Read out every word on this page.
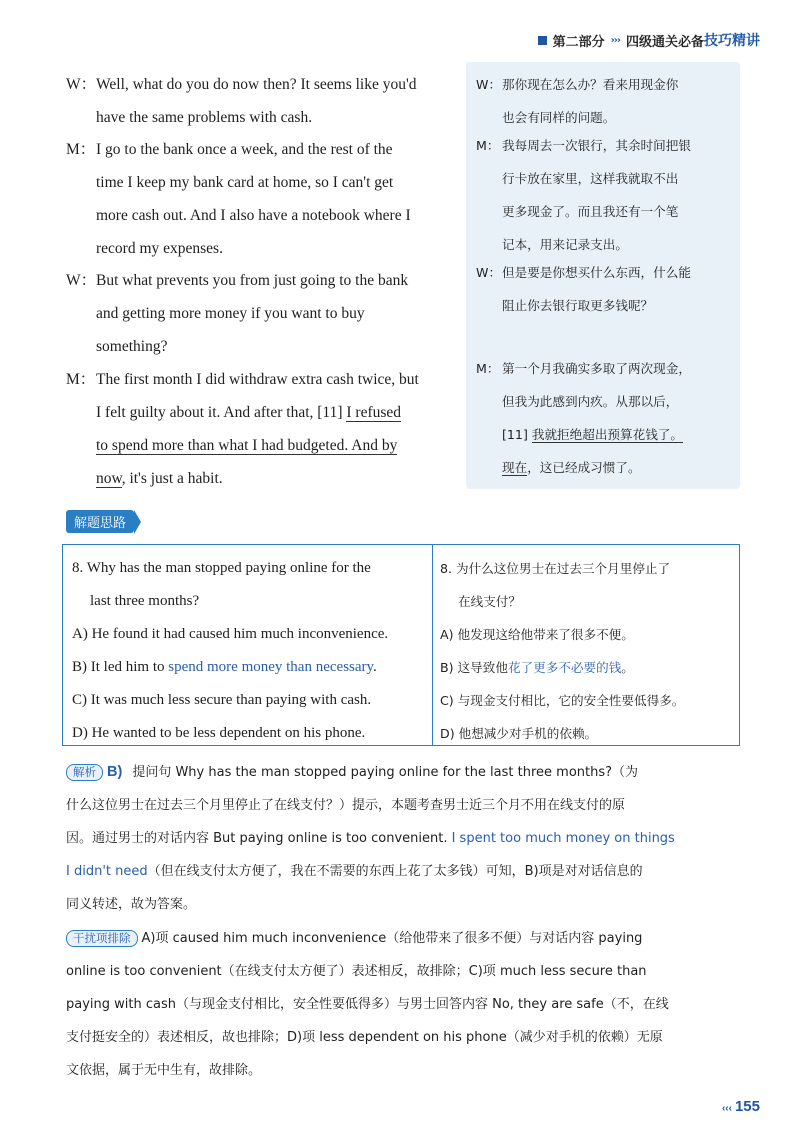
第二部分 ››› 四级通关必备 技巧精讲

W：Well, what do you do now then? It seems like you'd

have the same problems with cash.

M：I go to the bank once a week, and the rest of the

time I keep my bank card at home, so I can't get

more cash out. And I also have a notebook where I

record my expenses.

W：But what prevents you from just going to the bank

and getting more money if you want to buy

something?

M：The first month I did withdraw extra cash twice, but

I felt guilty about it. And after that, [11] I refused

to spend more than what I had budgeted. And by

now, it's just a habit.

W：那你现在怎么办？看来用现金你
也会有同样的问题。
M： 我每周去一次银行，其余时间把银
行卡放在家里，这样我就取不出
更多现金了。而且我还有一个笔
记本，用来记录支出。
W：但是要是你想买什么东西，什么能
阻止你去银行取更多钱呢？
M： 第一个月我确实多取了两次现金，
但我为此感到内疚。从那以后，
[11] 我就拒绝超出预算花钱了。
现在，这已经成习惯了。
解题思路

8. Why has the man stopped paying online for the

last three months?

A) He found it had caused him much inconvenience.

B) It led him to spend more money than necessary.

C) It was much less secure than paying with cash.

D) He wanted to be less dependent on his phone.

8. 为什么这位男士在过去三个月里停止了

在线支付？

A) 他发现这给他带来了很多不便。

B) 这导致他花了更多不必要的钱。

C) 与现金支付相比，它的安全性要低得多。

D) 他想减少对手机的依赖。

解析 B) 提问句 Why has the man stopped paying online for the last three months?（为

什么这位男士在过去三个月里停止了在线支付？）提示，本题考查男士近三个月不用在线支付的原

因。通过男士的对话内容 But paying online is too convenient. I spent too much money on things

I didn't need（但在线支付太方便了，我在不需要的东西上花了太多钱）可知，B)项是对对话信息的

同义转述，故为答案。

干扰项排除 A)项 caused him much inconvenience（给他带来了很多不便）与对话内容 paying

online is too convenient（在线支付太方便了）表述相反，故排除；C)项 much less secure than

paying with cash（与现金支付相比，安全性要低得多）与男士回答内容 No, they are safe（不，在线

支付挺安全的）表述相反，故也排除；D)项 less dependent on his phone（减少对手机的依赖）无原

文依据，属于无中生有，故排除。

‹‹‹ 155
